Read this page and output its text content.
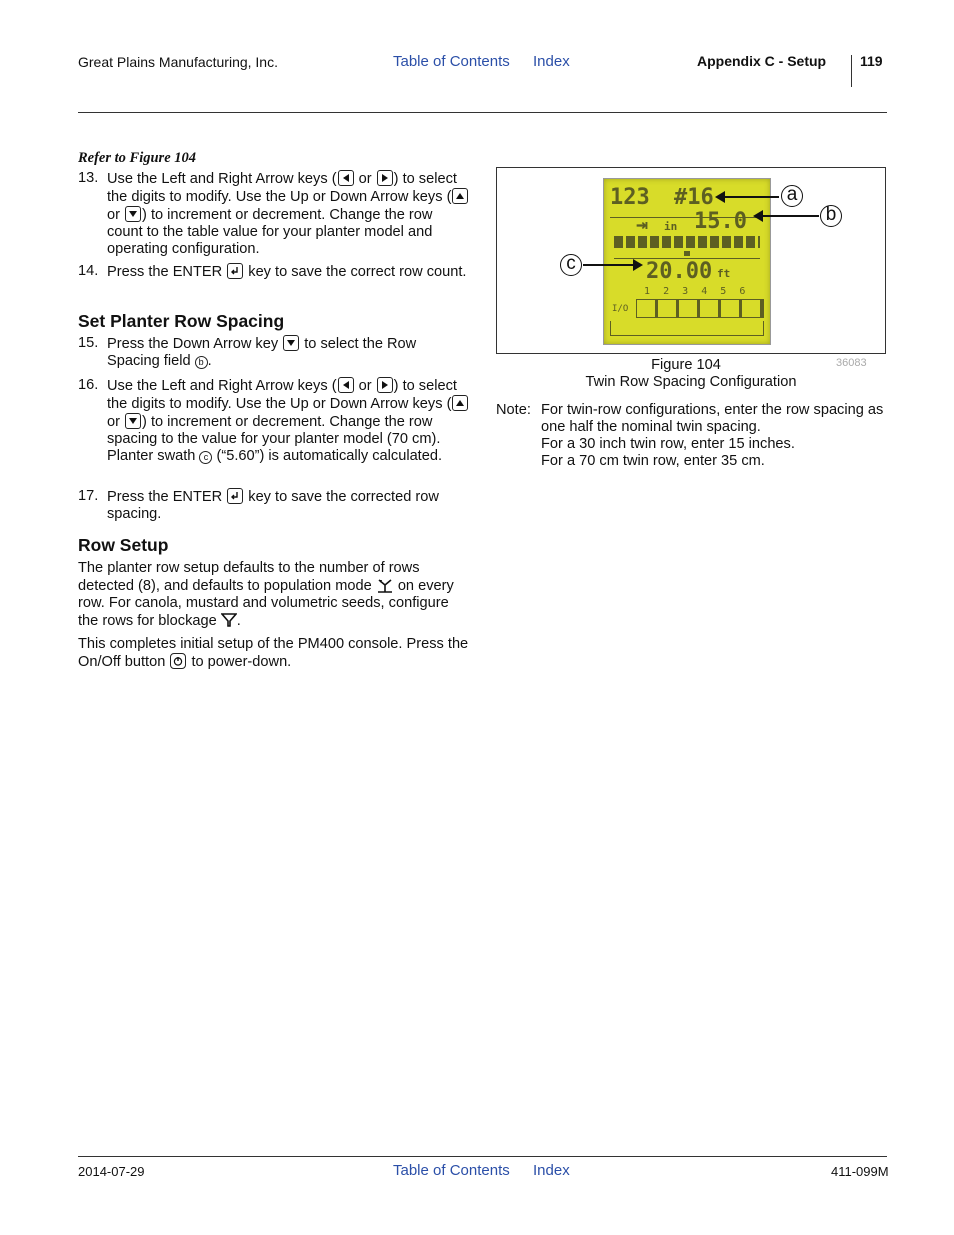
Great Plains Manufacturing, Inc.	Table of Contents Index	Appendix C - Setup 119
Refer to Figure 104
13. Use the Left and Right Arrow keys (
or
) to select the digits to modify. Use the Up or Down Arrow keys (
or
) to increment or decrement. Change the row count to the table value for your planter model and operating configuration.
14. Press the ENTER
key to save the correct row count.
Set Planter Row Spacing
15. Press the Down Arrow key
to select the Row Spacing field b .
16. Use the Left and Right Arrow keys (
or
) to select the digits to modify. Use the Up or Down Arrow keys (
or
) to increment or decrement. Change the row spacing to the value for your planter model (70 cm). Planter swath c (“5.60”) is automatically calculated.
17. Press the ENTER
key to save the corrected row spacing.
Row Setup
The planter row setup defaults to the number of rows detected (8), and defaults to population mode  on every row. For canola, mustard and volumetric seeds, configure the rows for blockage .
This completes initial setup of the PM400 console. Press the On/Off button
to power-down.
123 #16
⇥ in 15.0
20.00 ft
1 2 3 4 5 6
I/O
a
b
c
36083
Figure 104
Twin Row Spacing Configuration
Note: For twin-row configurations, enter the row spacing as one half the nominal twin spacing.
For a 30 inch twin row, enter 15 inches.
For a 70 cm twin row, enter 35 cm.
2014-07-29	Table of Contents Index	411-099M
